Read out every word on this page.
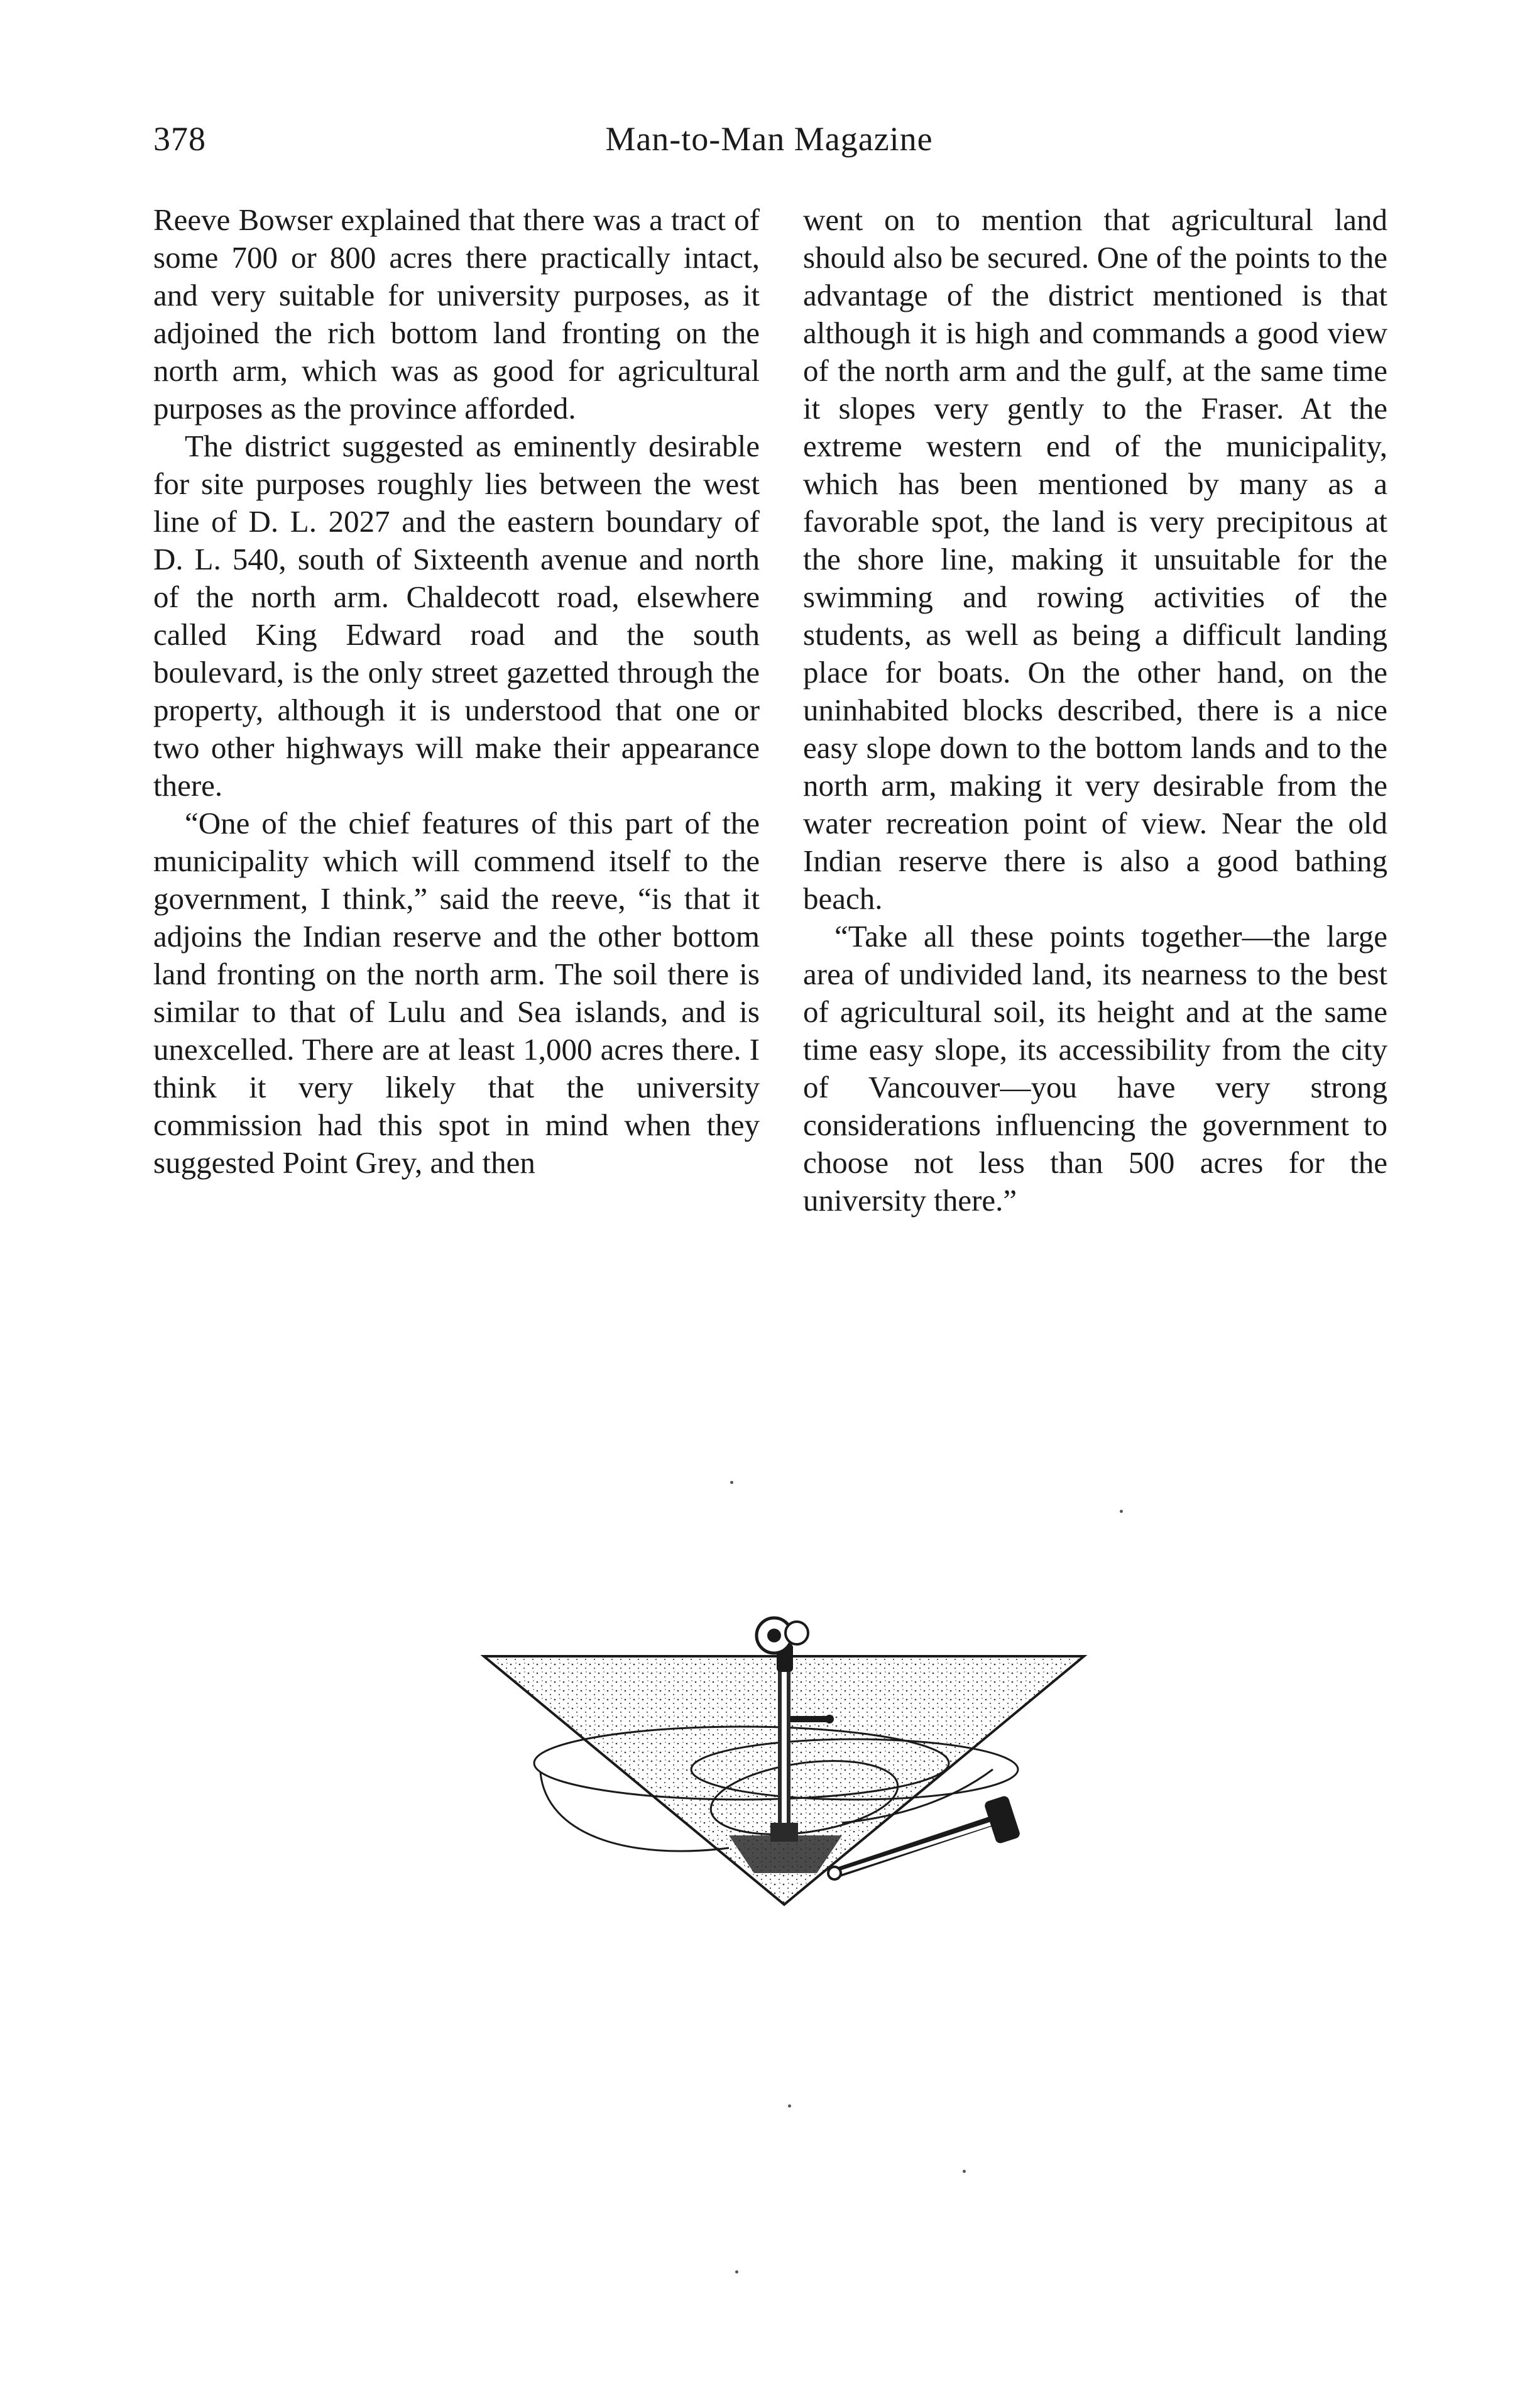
378	Man-to-Man Magazine

Reeve Bowser explained that there was a tract of some 700 or 800 acres there practically intact, and very suitable for university purposes, as it adjoined the rich bottom land fronting on the north arm, which was as good for agricultural purposes as the province afforded.

The district suggested as eminently desirable for site purposes roughly lies between the west line of D. L. 2027 and the eastern boundary of D. L. 540, south of Sixteenth avenue and north of the north arm. Chaldecott road, elsewhere called King Edward road and the south boulevard, is the only street gazetted through the property, although it is understood that one or two other highways will make their appearance there.

“One of the chief features of this part of the municipality which will commend itself to the government, I think,” said the reeve, “is that it adjoins the Indian reserve and the other bottom land fronting on the north arm. The soil there is similar to that of Lulu and Sea islands, and is unexcelled. There are at least 1,000 acres there. I think it very likely that the university commission had this spot in mind when they suggested Point Grey, and then

went on to mention that agricultural land should also be secured. One of the points to the advantage of the district mentioned is that although it is high and commands a good view of the north arm and the gulf, at the same time it slopes very gently to the Fraser. At the extreme western end of the municipality, which has been mentioned by many as a favorable spot, the land is very precipitous at the shore line, making it unsuitable for the swimming and rowing activities of the students, as well as being a difficult landing place for boats. On the other hand, on the uninhabited blocks described, there is a nice easy slope down to the bottom lands and to the north arm, making it very desirable from the water recreation point of view. Near the old Indian reserve there is also a good bathing beach.

“Take all these points together—the large area of undivided land, its nearness to the best of agricultural soil, its height and at the same time easy slope, its accessibility from the city of Vancouver—you have very strong considerations influencing the government to choose not less than 500 acres for the university there.”
